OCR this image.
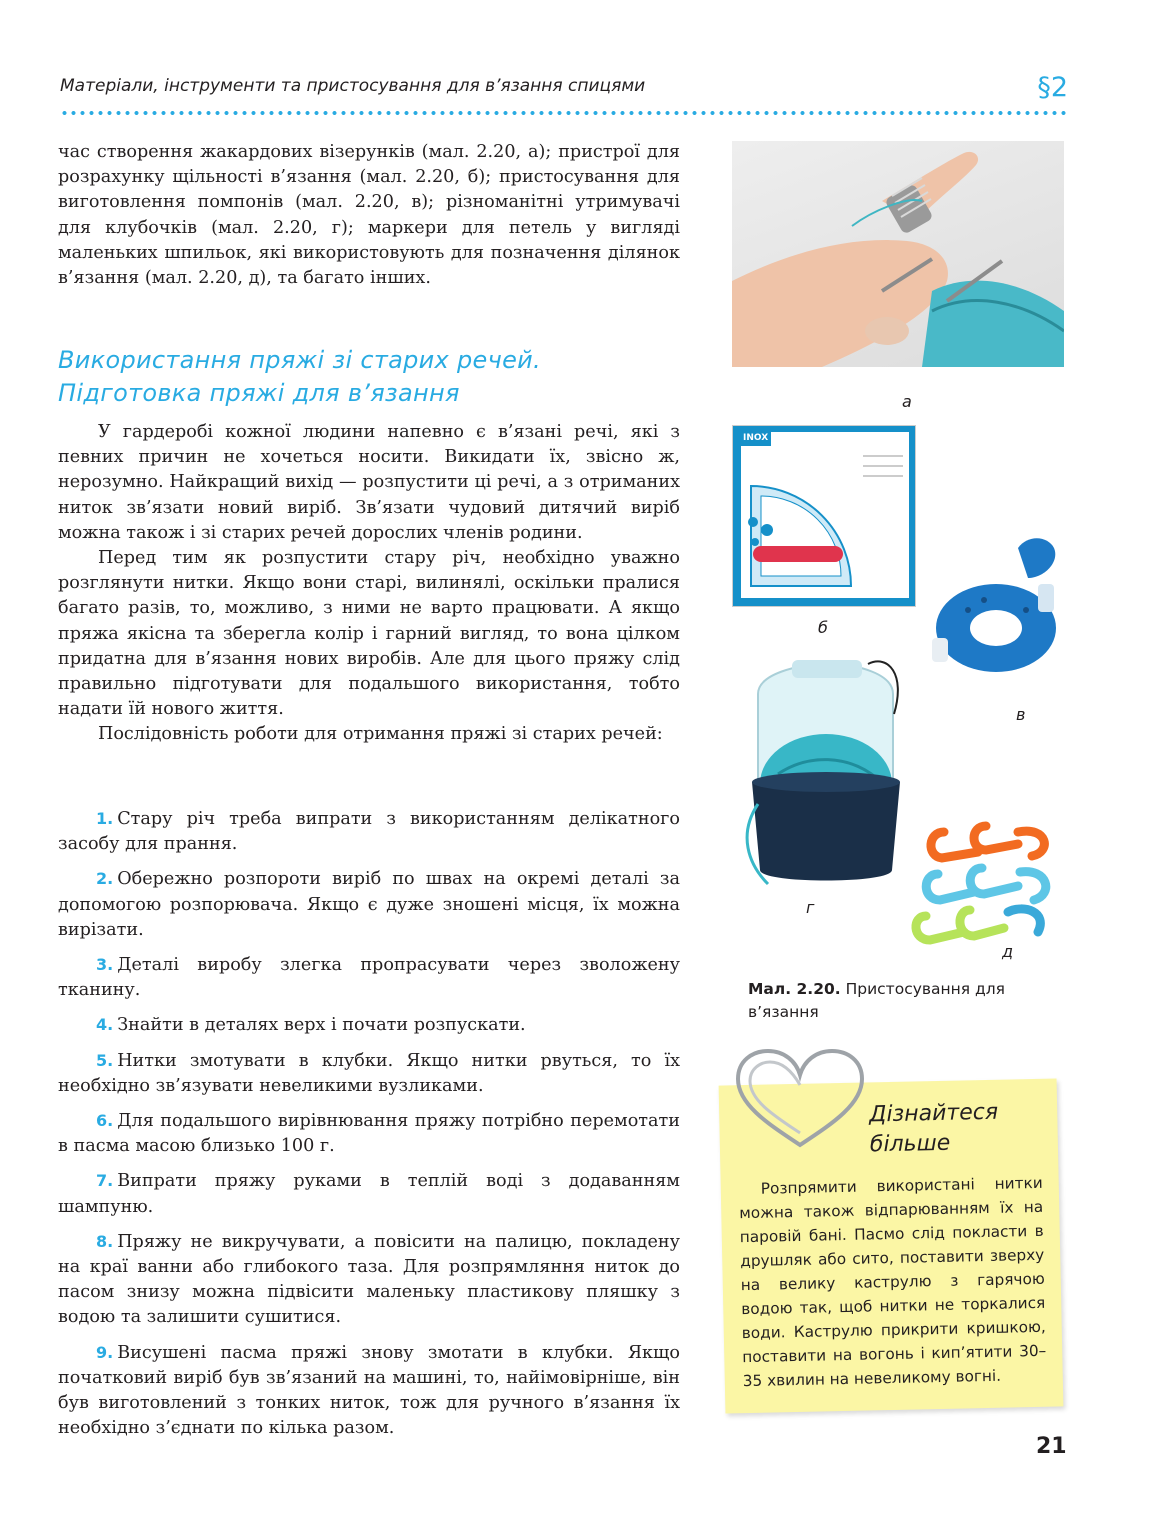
Матеріали, інструменти та пристосування для в’язання спицями	§2

час створення жакардових візерунків (мал. 2.20, а); пристрої для розрахунку щільності в’язання (мал. 2.20, б); пристосування для виготовлення помпонів (мал. 2.20, в); різноманітні утримувачі для клубочків (мал. 2.20, г); маркери для петель у вигляді маленьких шпильок, які використовують для позначення ділянок в’язання (мал. 2.20, д), та багато інших.

Використання пряжі зі старих речей.
Підготовка пряжі для в’язання

У гардеробі кожної людини напевно є в’язані речі, які з певних причин не хочеться носити. Викидати їх, звісно ж, нерозумно. Найкращий вихід — розпустити ці речі, а з отриманих ниток зв’язати новий виріб. Зв’язати чудовий дитячий виріб можна також і зі старих речей дорослих членів родини.

Перед тим як розпустити стару річ, необхідно уважно розглянути нитки. Якщо вони старі, вилинялі, оскільки пралися багато разів, то, можливо, з ними не варто працювати. А якщо пряжа якісна та зберегла колір і гарний вигляд, то вона цілком придатна для в’язання нових виробів. Але для цього пряжу слід правильно підготувати для подальшого використання, тобто надати їй нового життя.

Послідовність роботи для отримання пряжі зі старих речей:

1. Стару річ треба випрати з використанням делікатного засобу для прання.

2. Обережно розпороти виріб по швах на окремі деталі за допомогою розпорювача. Якщо є дуже зношені місця, їх можна вирізати.

3. Деталі виробу злегка пропрасувати через зволожену тканину.

4. Знайти в деталях верх і почати розпускати.

5. Нитки змотувати в клубки. Якщо нитки рвуться, то їх необхідно зв’язувати невеликими вузликами.

6. Для подальшого вирівнювання пряжу потрібно перемотати в пасма масою близько 100 г.

7. Випрати пряжу руками в теплій воді з додаванням шампуню.

8. Пряжу не викручувати, а повісити на палицю, покладену на краї ванни або глибокого таза. Для розпрямляння ниток до пасом знизу можна підвісити маленьку пластикову пляшку з водою та залишити сушитися.

9. Висушені пасма пряжі знову змотати в клубки. Якщо початковий виріб був зв’язаний на машині, то, найімовірніше, він був виготовлений з тонких ниток, тож для ручного в’язання їх необхідно з’єднати по кілька разом.

а
INOX
б
в
г
д
Мал. 2.20. Пристосування для в’язання
Дізнайтеся
більше
Розпрямити використані нитки можна також відпарюванням їх на паровій бані. Пасмо слід покласти в друшляк або сито, поставити зверху на велику каструлю з гарячою водою так, щоб нитки не торкалися води. Каструлю прикрити кришкою, поставити на вогонь і кип’ятити 30–35 хвилин на невеликому вогні.
21
